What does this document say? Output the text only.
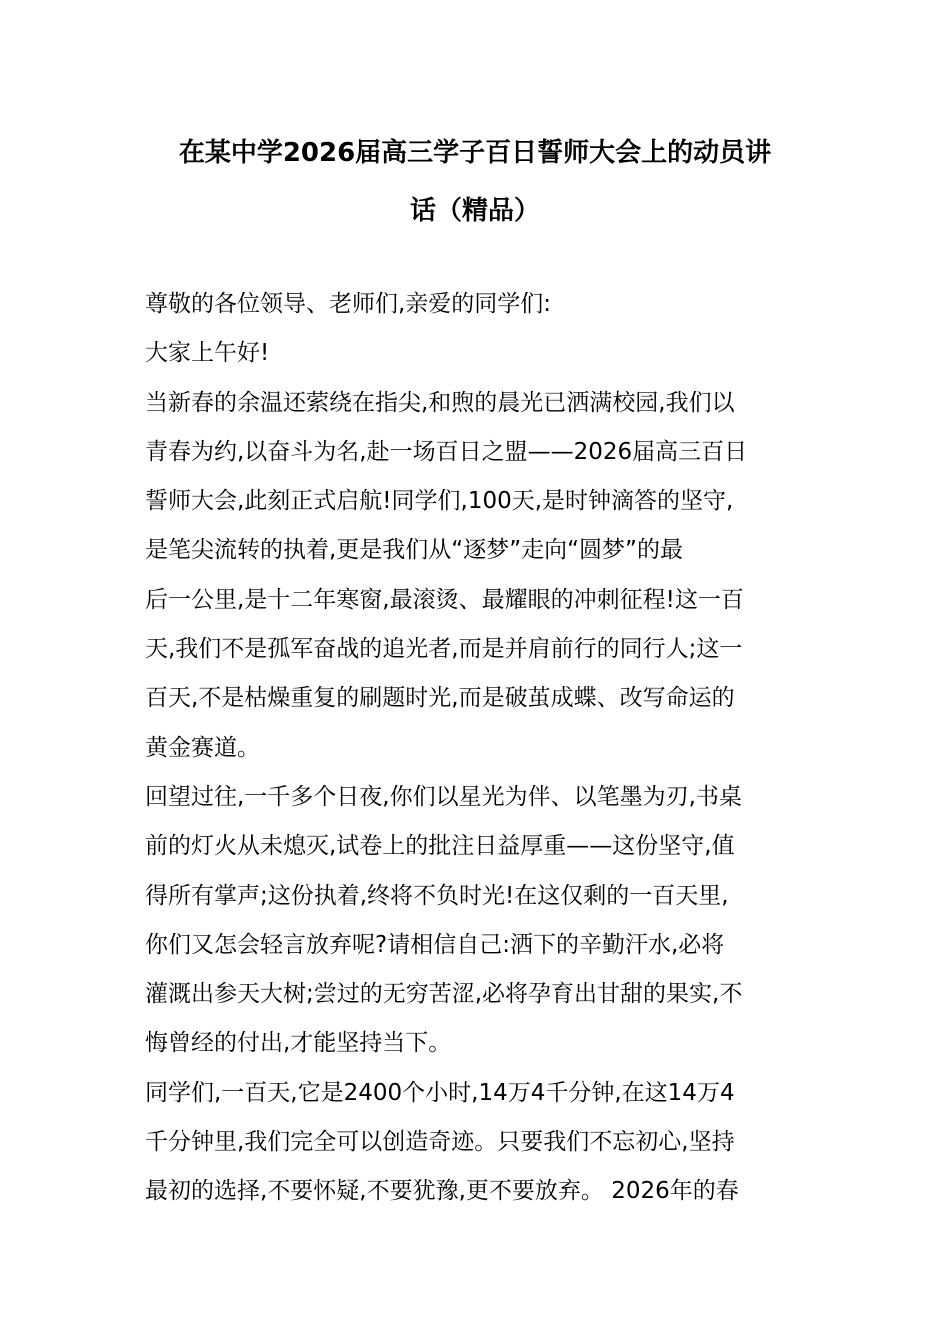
在某中学2026届高三学子百日誓师大会上的动员讲
话（精品）
尊敬的各位领导、老师们,亲爱的同学们:
大家上午好!
当新春的余温还萦绕在指尖,和煦的晨光已洒满校园,我们以
青春为约,以奋斗为名,赴一场百日之盟——2026届高三百日
誓师大会,此刻正式启航!同学们,100天,是时钟滴答的坚守,
是笔尖流转的执着,更是我们从“逐梦”走向“圆梦”的最
后一公里,是十二年寒窗,最滚烫、最耀眼的冲刺征程!这一百
天,我们不是孤军奋战的追光者,而是并肩前行的同行人;这一
百天,不是枯燥重复的刷题时光,而是破茧成蝶、改写命运的
黄金赛道。
回望过往,一千多个日夜,你们以星光为伴、以笔墨为刃,书桌
前的灯火从未熄灭,试卷上的批注日益厚重——这份坚守,值
得所有掌声;这份执着,终将不负时光!在这仅剩的一百天里,
你们又怎会轻言放弃呢?请相信自己:洒下的辛勤汗水,必将
灌溉出参天大树;尝过的无穷苦涩,必将孕育出甘甜的果实,不
悔曾经的付出,才能坚持当下。
同学们,一百天,它是2400个小时,14万4千分钟,在这14万4
千分钟里,我们完全可以创造奇迹。只要我们不忘初心,坚持
最初的选择,不要怀疑,不要犹豫,更不要放弃。 2026年的春
